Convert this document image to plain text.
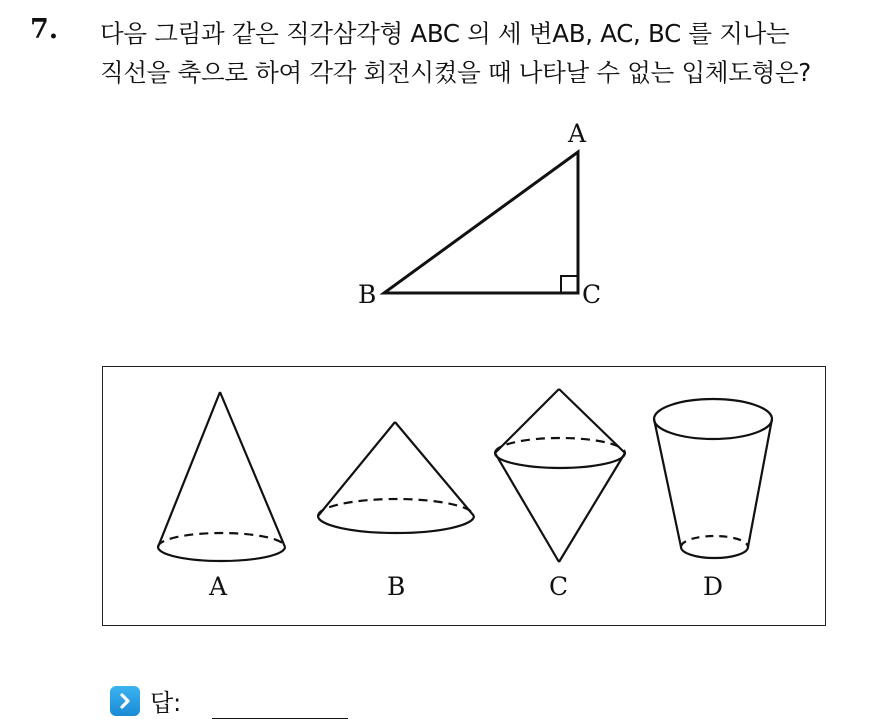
7. 다음 그림과 같은 직각삼각형 ABC 의 세 변AB, AC, BC 를 지나는
직선을 축으로 하여 각각 회전시켰을 때 나타날 수 없는 입체도형은?
A
B	C
A	B	C	D
답:
